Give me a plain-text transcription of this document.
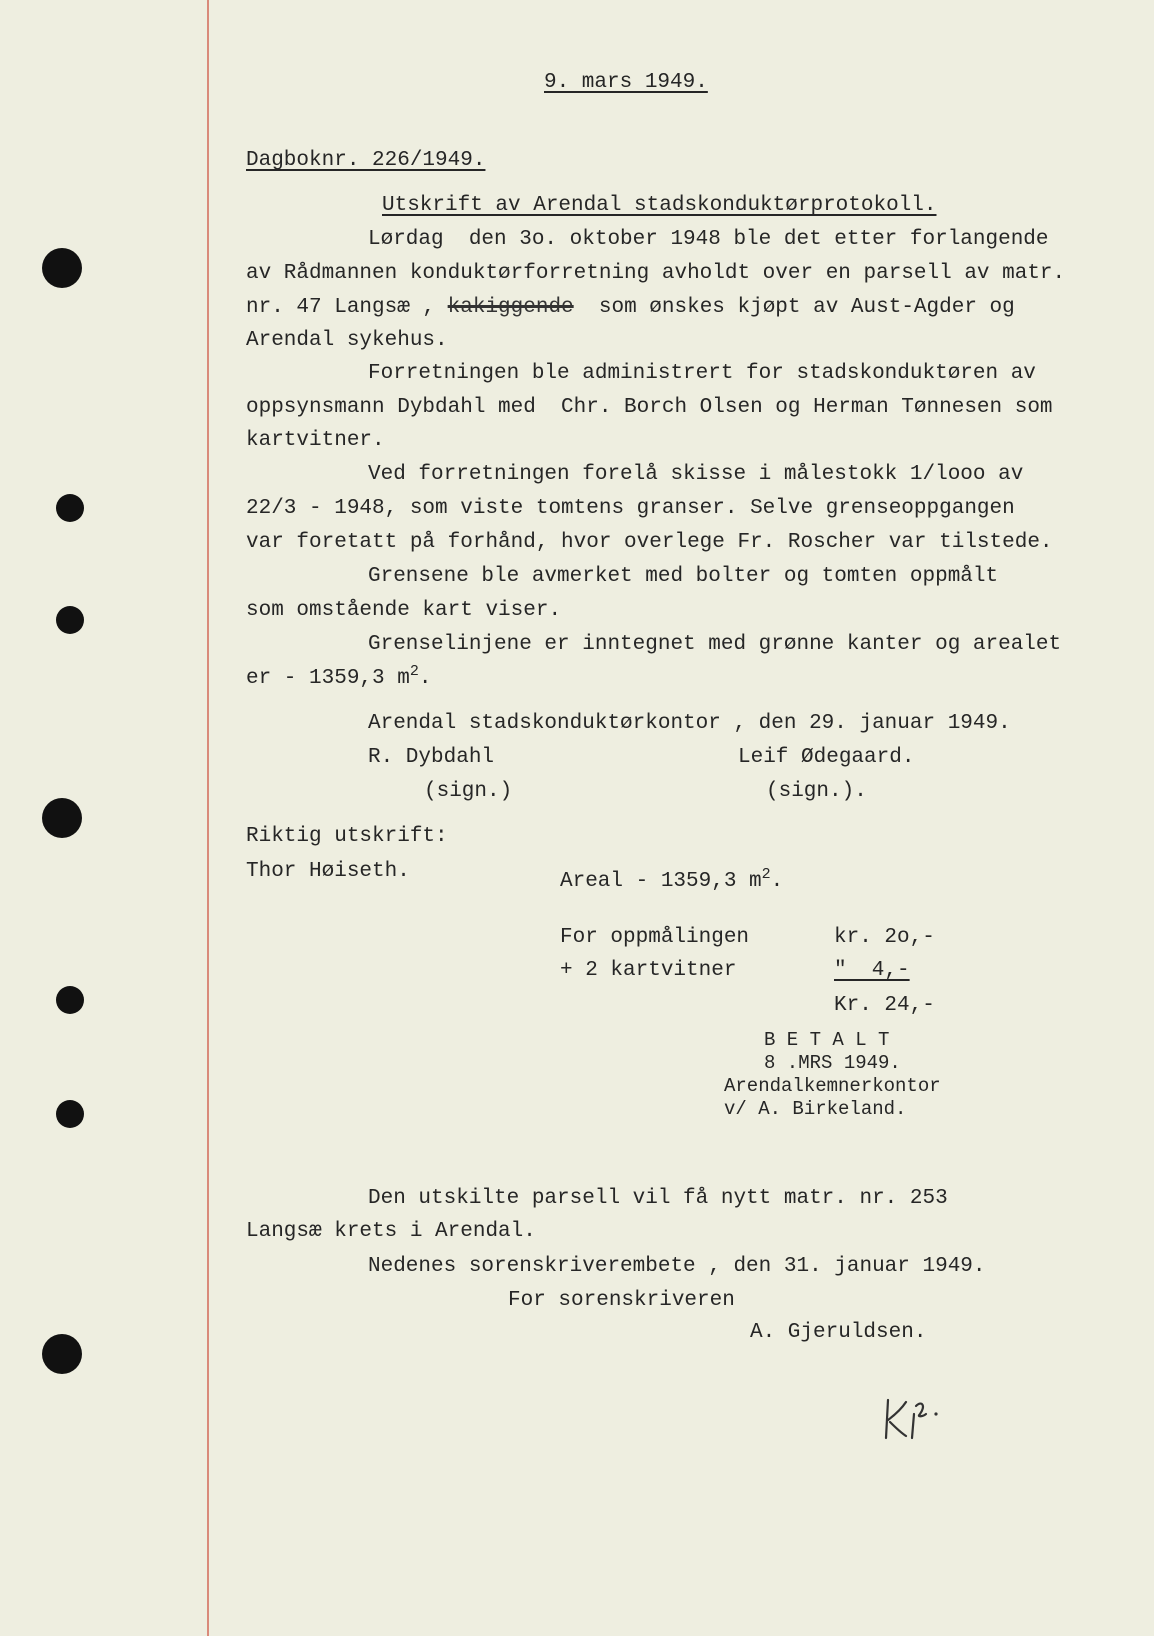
9. mars 1949.
Dagboknr. 226/1949.
Utskrift av Arendal stadskonduktørprotokoll.
Lørdag  den 3o. oktober 1948 ble det etter forlangende
av Rådmannen konduktørforretning avholdt over en parsell av matr.
nr. 47 Langsæ , kakiggende  som ønskes kjøpt av Aust-Agder og
Arendal sykehus.
Forretningen ble administrert for stadskonduktøren av
oppsynsmann Dybdahl med  Chr. Borch Olsen og Herman Tønnesen som
kartvitner.
Ved forretningen forelå skisse i målestokk 1/looo av
22/3 - 1948, som viste tomtens granser. Selve grenseoppgangen
var foretatt på forhånd, hvor overlege Fr. Roscher var tilstede.
Grensene ble avmerket med bolter og tomten oppmålt
som omstående kart viser.
Grenselinjene er inntegnet med grønne kanter og arealet
er - 1359,3 $m^2$.
Arendal stadskonduktørkontor , den 29. januar 1949.
R. Dybdahl	Leif Ødegaard.
(sign.)	(sign.).
Riktig utskrift:
Thor Høiseth.	Areal - 1359,3 $m^2$.
For oppmålingen	kr. 2o,-
+ 2 kartvitner	"  4,-
Kr. 24,-
B E T A L T
8 .MRS 1949.
Arendalkemnerkontor
v/ A. Birkeland.
Den utskilte parsell vil få nytt matr. nr. 253
Langsæ krets i Arendal.
Nedenes sorenskriverembete , den 31. januar 1949.
For sorenskriveren
A. Gjeruldsen.
